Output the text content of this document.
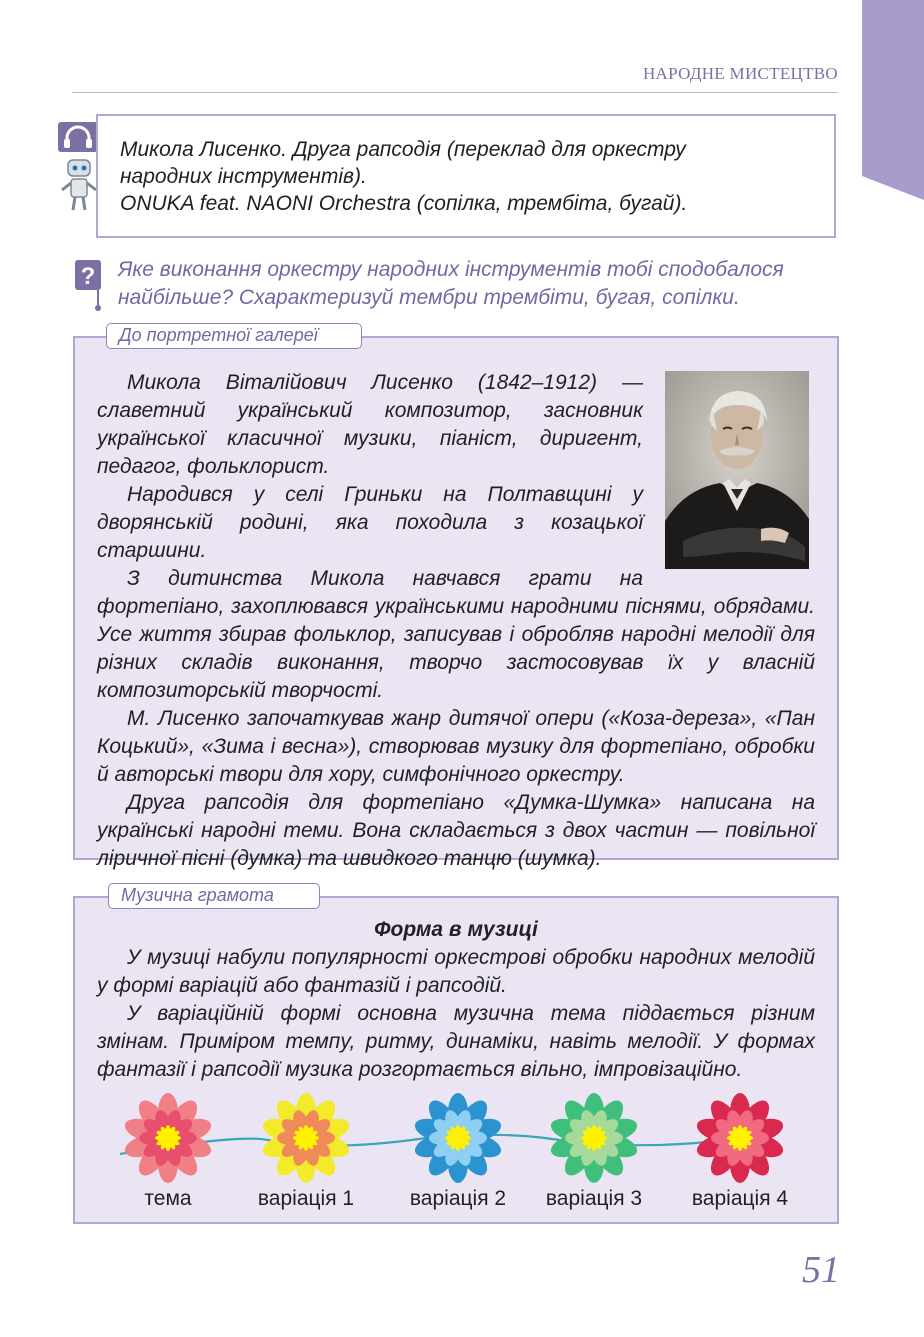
НАРОДНЕ МИСТЕЦТВО

Микола Лисенко. Друга рапсодія (переклад для оркестру

народних інструментів).

ONUKA feat. NAONI Orchestra (сопілка, трембіта, бугай).

? Яке виконання оркестру народних інструментів тобі сподобалося

найбільше? Схарактеризуй тембри трембіти, бугая, сопілки.

До портретної галереї

Микола Віталійович Лисенко (1842–1912) — славетний український композитор, засновник української класичної музики, піаніст, диригент, педагог, фольклорист.

Народився у селі Гриньки на Полтавщині у дворянській родині, яка походила з козацької старшини.

З дитинства Микола навчався грати на фортепіано, захоплювався українськими народними піснями, обрядами. Усе життя збирав фольклор, записував і обробляв народні мелодії для різних складів виконання, творчо застосовував їх у власній композиторській творчості.

М. Лисенко започаткував жанр дитячої опери («Коза-дереза», «Пан Коцький», «Зима і весна»), створював музику для фортепіано, обробки й авторські твори для хору, симфонічного оркестру.

Друга рапсодія для фортепіано «Думка-Шумка» написана на українські народні теми. Вона складається з двох частин — повільної ліричної пісні (думка) та швидкого танцю (шумка).

Музична грамота
Форма в музиці

У музиці набули популярності оркестрові обробки народних мелодій у формі варіацій або фантазій і рапсодій.

У варіаційній формі основна музична тема піддається різним змінам. Приміром темпу, ритму, динаміки, навіть мелодії. У формах фантазії і рапсодії музика розгортається вільно, імпровізаційно.

тема	варіація 1	варіація 2	варіація 3	варіація 4
51
